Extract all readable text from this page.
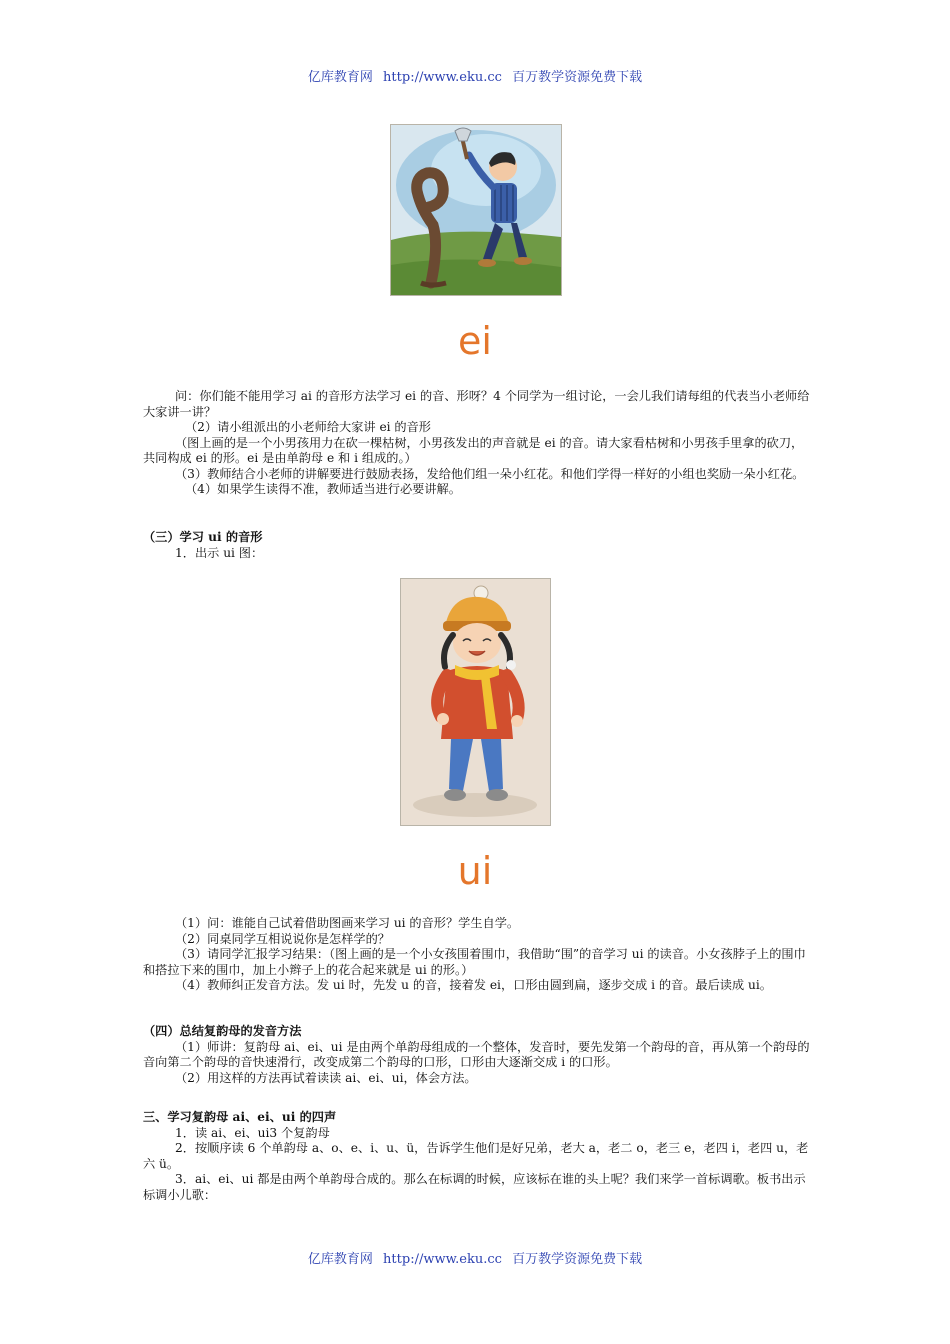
亿库教育网 http://www.eku.cc 百万教学资源免费下载
ei

问：你们能不能用学习 ai 的音形方法学习 ei 的音、形呀？4 个同学为一组讨论，一会儿我们请每组的代表当小老师给大家讲一讲？

（2）请小组派出的小老师给大家讲 ei 的音形

（图上画的是一个小男孩用力在砍一棵枯树，小男孩发出的声音就是 ei 的音。请大家看枯树和小男孩手里拿的砍刀，共同构成 ei 的形。ei 是由单韵母 e 和 i 组成的。）

（3）教师结合小老师的讲解要进行鼓励表扬，发给他们组一朵小红花。和他们学得一样好的小组也奖励一朵小红花。

（4）如果学生读得不准，教师适当进行必要讲解。

（三）学习 ui 的音形

1．出示 ui 图：

ui

（1）问：谁能自己试着借助图画来学习 ui 的音形？学生自学。

（2）同桌同学互相说说你是怎样学的？

（3）请同学汇报学习结果：（图上画的是一个小女孩围着围巾，我借助“围”的音学习 ui 的读音。小女孩脖子上的围巾和搭拉下来的围巾，加上小辫子上的花合起来就是 ui 的形。）

（4）教师纠正发音方法。发 ui 时，先发 u 的音，接着发 ei，口形由圆到扁，逐步交成 i 的音。最后读成 ui。

（四）总结复韵母的发音方法

（1）师讲：复韵母 ai、ei、ui 是由两个单韵母组成的一个整体，发音时，要先发第一个韵母的音，再从第一个韵母的音向第二个韵母的音快速滑行，改变成第二个韵母的口形，口形由大逐渐交成 i 的口形。

（2）用这样的方法再试着读读 ai、ei、ui，体会方法。

三、学习复韵母 ai、ei、ui 的四声

1．读 ai、ei、ui3 个复韵母

2．按顺序读 6 个单韵母 a、o、e、i、u、ü，告诉学生他们是好兄弟，老大 a，老二 o，老三 e，老四 i，老四 u，老六 ü。

3．ai、ei、ui 都是由两个单韵母合成的。那么在标调的时候，应该标在谁的头上呢？我们来学一首标调歌。板书出示标调小儿歌：

亿库教育网 http://www.eku.cc 百万教学资源免费下载
